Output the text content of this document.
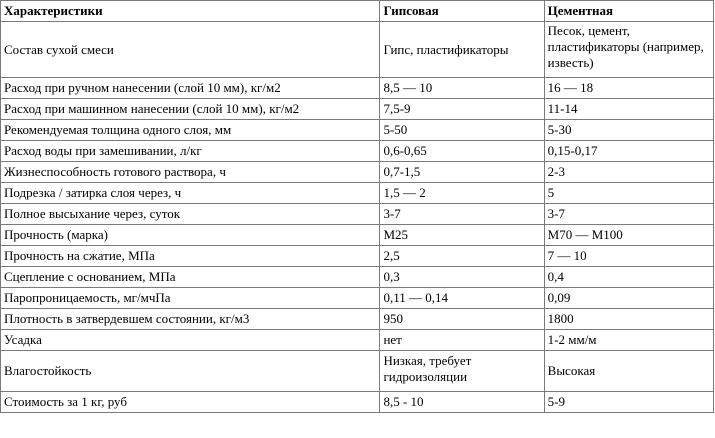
Характеристики	Гипсовая	Цементная
Состав сухой смеси	Гипс, пластификаторы	Песок, цемент, пластификаторы (например, известь)
Расход при ручном нанесении (слой 10 мм), кг/м2	8,5 — 10	16 — 18
Расход при машинном нанесении (слой 10 мм), кг/м2	7,5-9	11-14
Рекомендуемая толщина одного слоя, мм	5-50	5-30
Расход воды при замешивании, л/кг	0,6-0,65	0,15-0,17
Жизнеспособность готового раствора, ч	0,7-1,5	2-3
Подрезка / затирка слоя через, ч	1,5 — 2	5
Полное высыхание через, суток	3-7	3-7
Прочность (марка)	М25	М70 — М100
Прочность на сжатие, МПа	2,5	7 — 10
Сцепление с основанием, МПа	0,3	0,4
Паропроницаемость, мг/мчПа	0,11 — 0,14	0,09
Плотность в затвердевшем состоянии, кг/м3	950	1800
Усадка	нет	1-2 мм/м
Влагостойкость	Низкая, требует гидроизоляции	Высокая
Стоимость за 1 кг, руб	8,5 - 10	5-9
